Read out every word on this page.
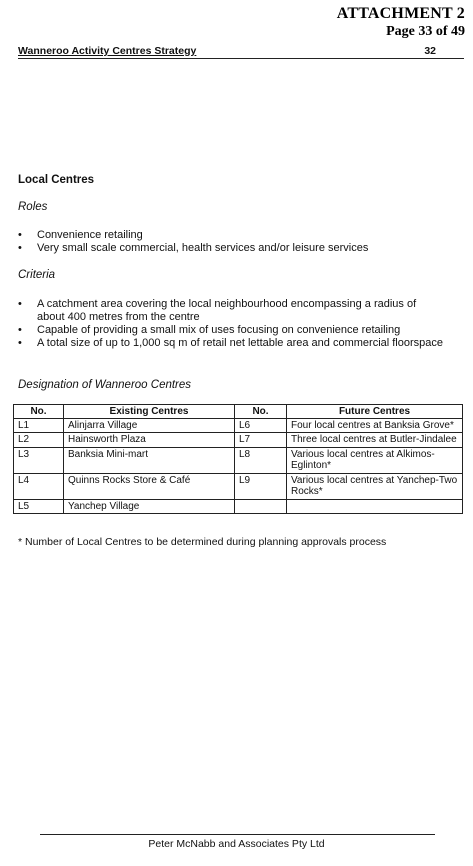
ATTACHMENT 2
Page 33 of 49
Wanneroo Activity Centres Strategy	32
Local Centres
Roles
• Convenience retailing
• Very small scale commercial, health services and/or leisure services
Criteria
• A catchment area covering the local neighbourhood encompassing a radius of about 400 metres from the centre
• Capable of providing a small mix of uses focusing on convenience retailing
• A total size of up to 1,000 sq m of retail net lettable area and commercial floorspace
Designation of Wanneroo Centres
No.	Existing Centres	No.	Future Centres
L1	Alinjarra Village	L6	Four local centres at Banksia Grove*
L2	Hainsworth Plaza	L7	Three local centres at Butler-Jindalee
L3	Banksia Mini-mart	L8	Various local centres at Alkimos-Eglinton*
L4	Quinns Rocks Store & Café	L9	Various local centres at Yanchep-Two Rocks*
L5	Yanchep Village		
* Number of Local Centres to be determined during planning approvals process
Peter McNabb and Associates Pty Ltd
